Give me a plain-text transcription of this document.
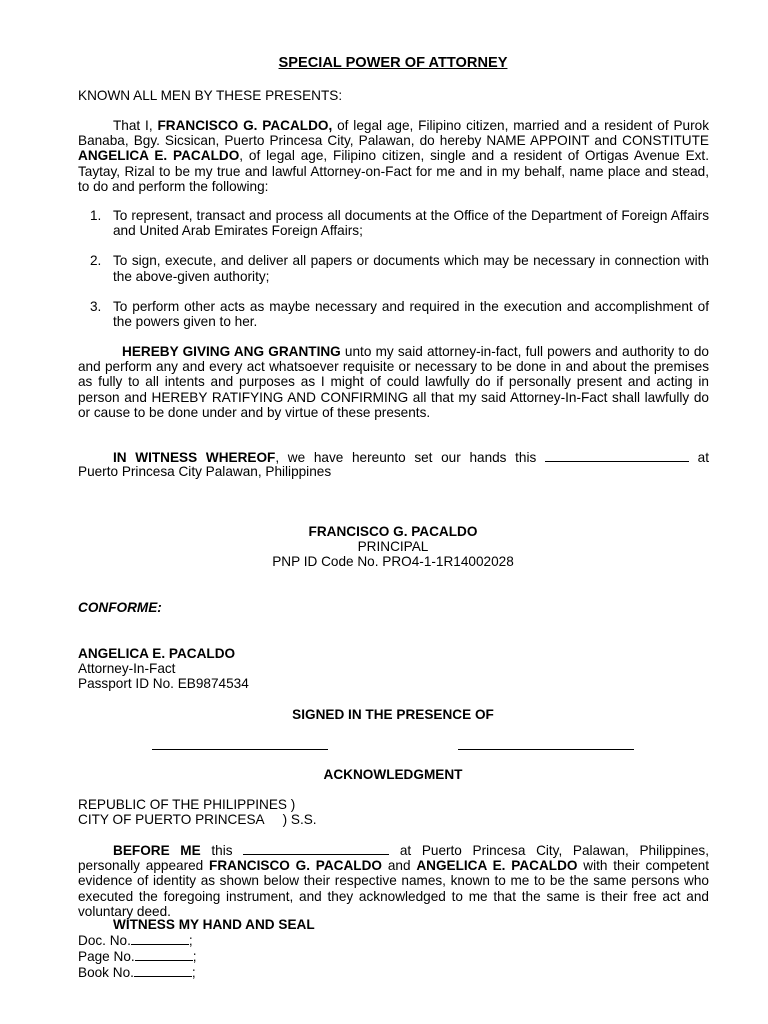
SPECIAL POWER OF ATTORNEY
KNOWN ALL MEN BY THESE PRESENTS:
That I, FRANCISCO G. PACALDO, of legal age, Filipino citizen, married and a resident of Purok Banaba, Bgy. Sicsican, Puerto Princesa City, Palawan, do hereby NAME APPOINT and CONSTITUTE ANGELICA E. PACALDO, of legal age, Filipino citizen, single and a resident of Ortigas Avenue Ext. Taytay, Rizal to be my true and lawful Attorney-on-Fact for me and in my behalf, name place and stead, to do and perform the following:
1. To represent, transact and process all documents at the Office of the Department of Foreign Affairs and United Arab Emirates Foreign Affairs;
2. To sign, execute, and deliver all papers or documents which may be necessary in connection with the above-given authority;
3. To perform other acts as maybe necessary and required in the execution and accomplishment of the powers given to her.
HEREBY GIVING ANG GRANTING unto my said attorney-in-fact, full powers and authority to do and perform any and every act whatsoever requisite or necessary to be done in and about the premises as fully to all intents and purposes as I might of could lawfully do if personally present and acting in person and HEREBY RATIFYING AND CONFIRMING all that my said Attorney-In-Fact shall lawfully do or cause to be done under and by virtue of these presents.
IN WITNESS WHEREOF, we have hereunto set our hands this	at
Puerto Princesa City Palawan, Philippines
FRANCISCO G. PACALDO
PRINCIPAL
PNP ID Code No. PRO4-1-1R14002028
CONFORME:
ANGELICA E. PACALDO
Attorney-In-Fact
Passport ID No. EB9874534
SIGNED IN THE PRESENCE OF
ACKNOWLEDGMENT
REPUBLIC OF THE PHILIPPINES )
CITY OF PUERTO PRINCESA ) S.S.
BEFORE ME this	at Puerto Princesa City, Palawan, Philippines, personally appeared FRANCISCO G. PACALDO and ANGELICA E. PACALDO with their competent evidence of identity as shown below their respective names, known to me to be the same persons who executed the foregoing instrument, and they acknowledged to me that the same is their free act and voluntary deed.
WITNESS MY HAND AND SEAL
Doc. No.	;
Page No.	;
Book No.	;
